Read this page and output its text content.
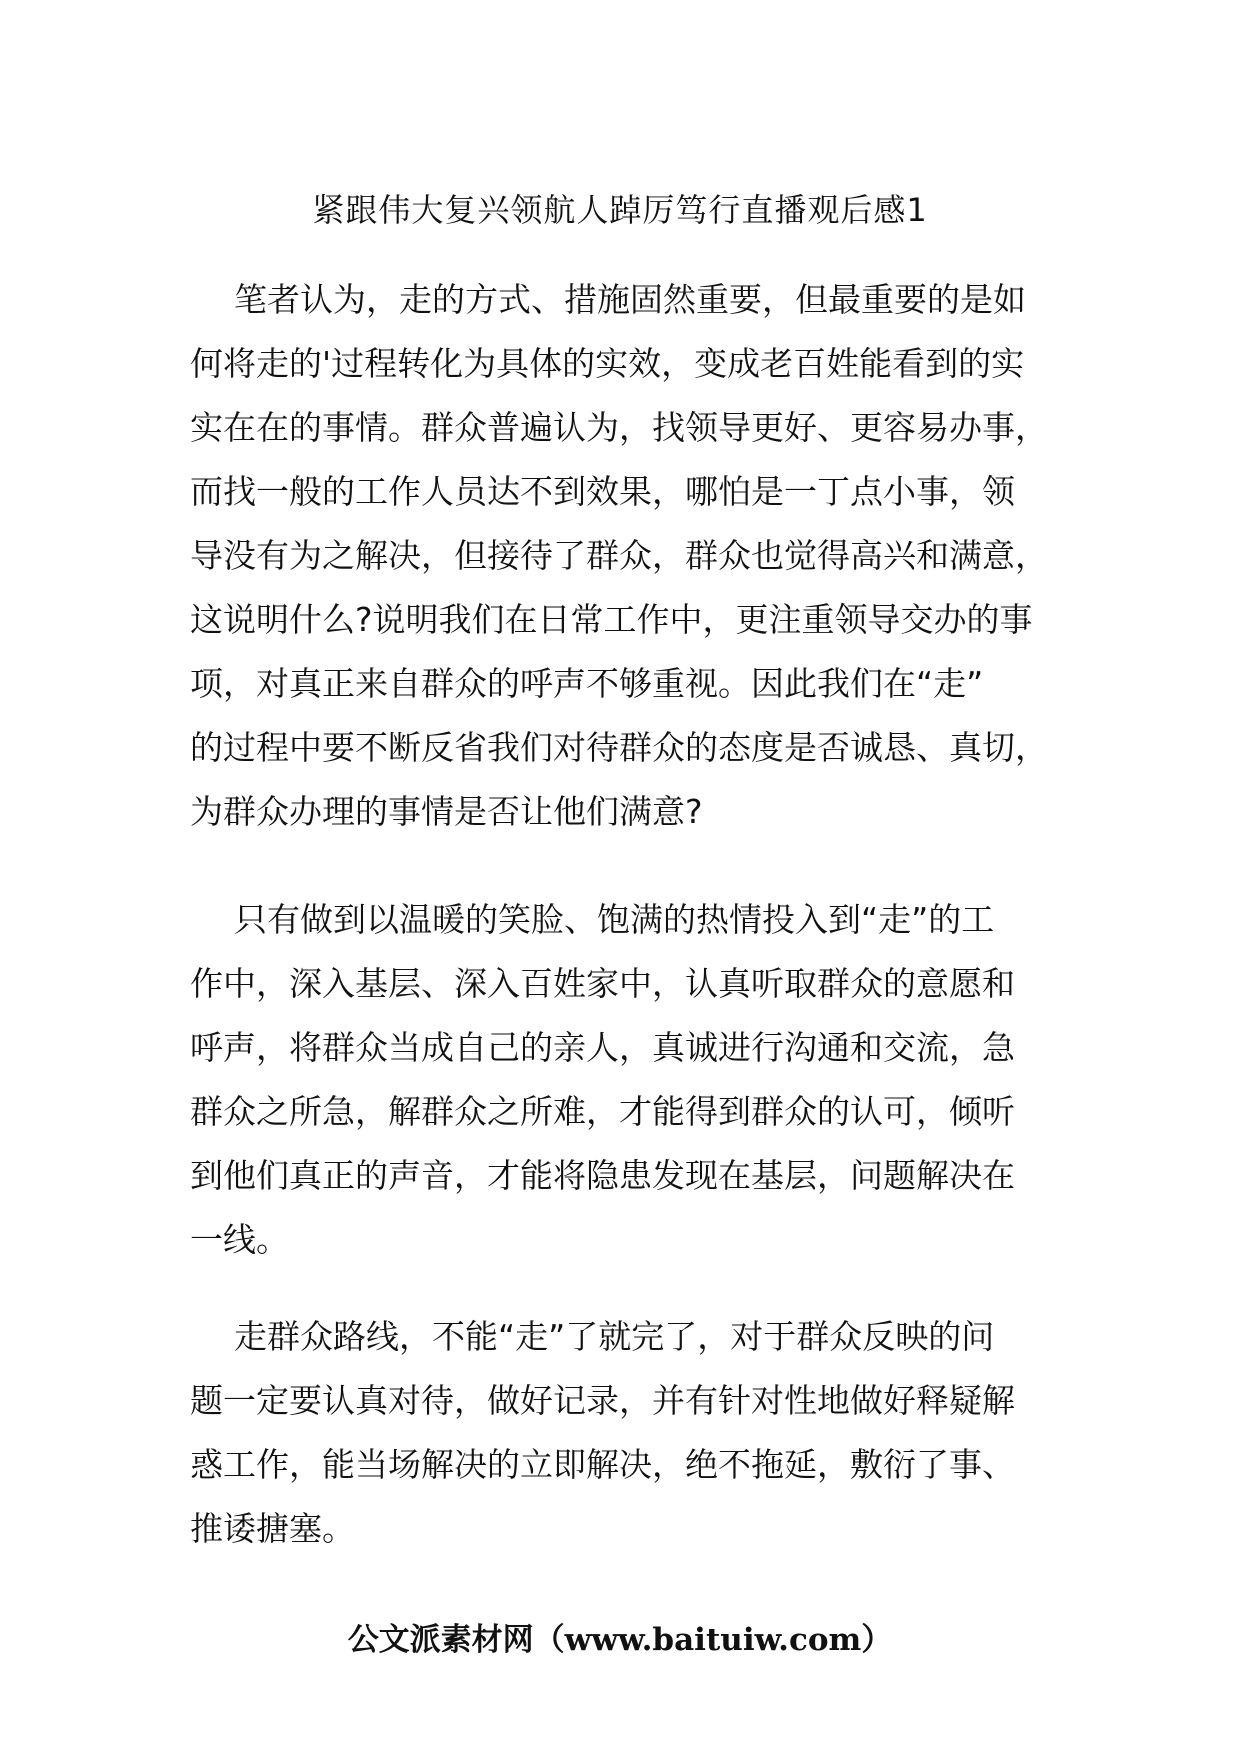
紧跟伟大复兴领航人踔厉笃行直播观后感1
笔者认为，走的方式、措施固然重要，但最重要的是如
何将走的'过程转化为具体的实效，变成老百姓能看到的实
实在在的事情。群众普遍认为，找领导更好、更容易办事，
而找一般的工作人员达不到效果，哪怕是一丁点小事，领
导没有为之解决，但接待了群众，群众也觉得高兴和满意，
这说明什么?说明我们在日常工作中，更注重领导交办的事
项，对真正来自群众的呼声不够重视。因此我们在“走”
的过程中要不断反省我们对待群众的态度是否诚恳、真切，
为群众办理的事情是否让他们满意?
只有做到以温暖的笑脸、饱满的热情投入到“走”的工
作中，深入基层、深入百姓家中，认真听取群众的意愿和
呼声，将群众当成自己的亲人，真诚进行沟通和交流，急
群众之所急，解群众之所难，才能得到群众的认可，倾听
到他们真正的声音，才能将隐患发现在基层，问题解决在
一线。
走群众路线，不能“走”了就完了，对于群众反映的问
题一定要认真对待，做好记录，并有针对性地做好释疑解
惑工作，能当场解决的立即解决，绝不拖延，敷衍了事、
推诿搪塞。
公文派素材网（www.baituiw.com）
